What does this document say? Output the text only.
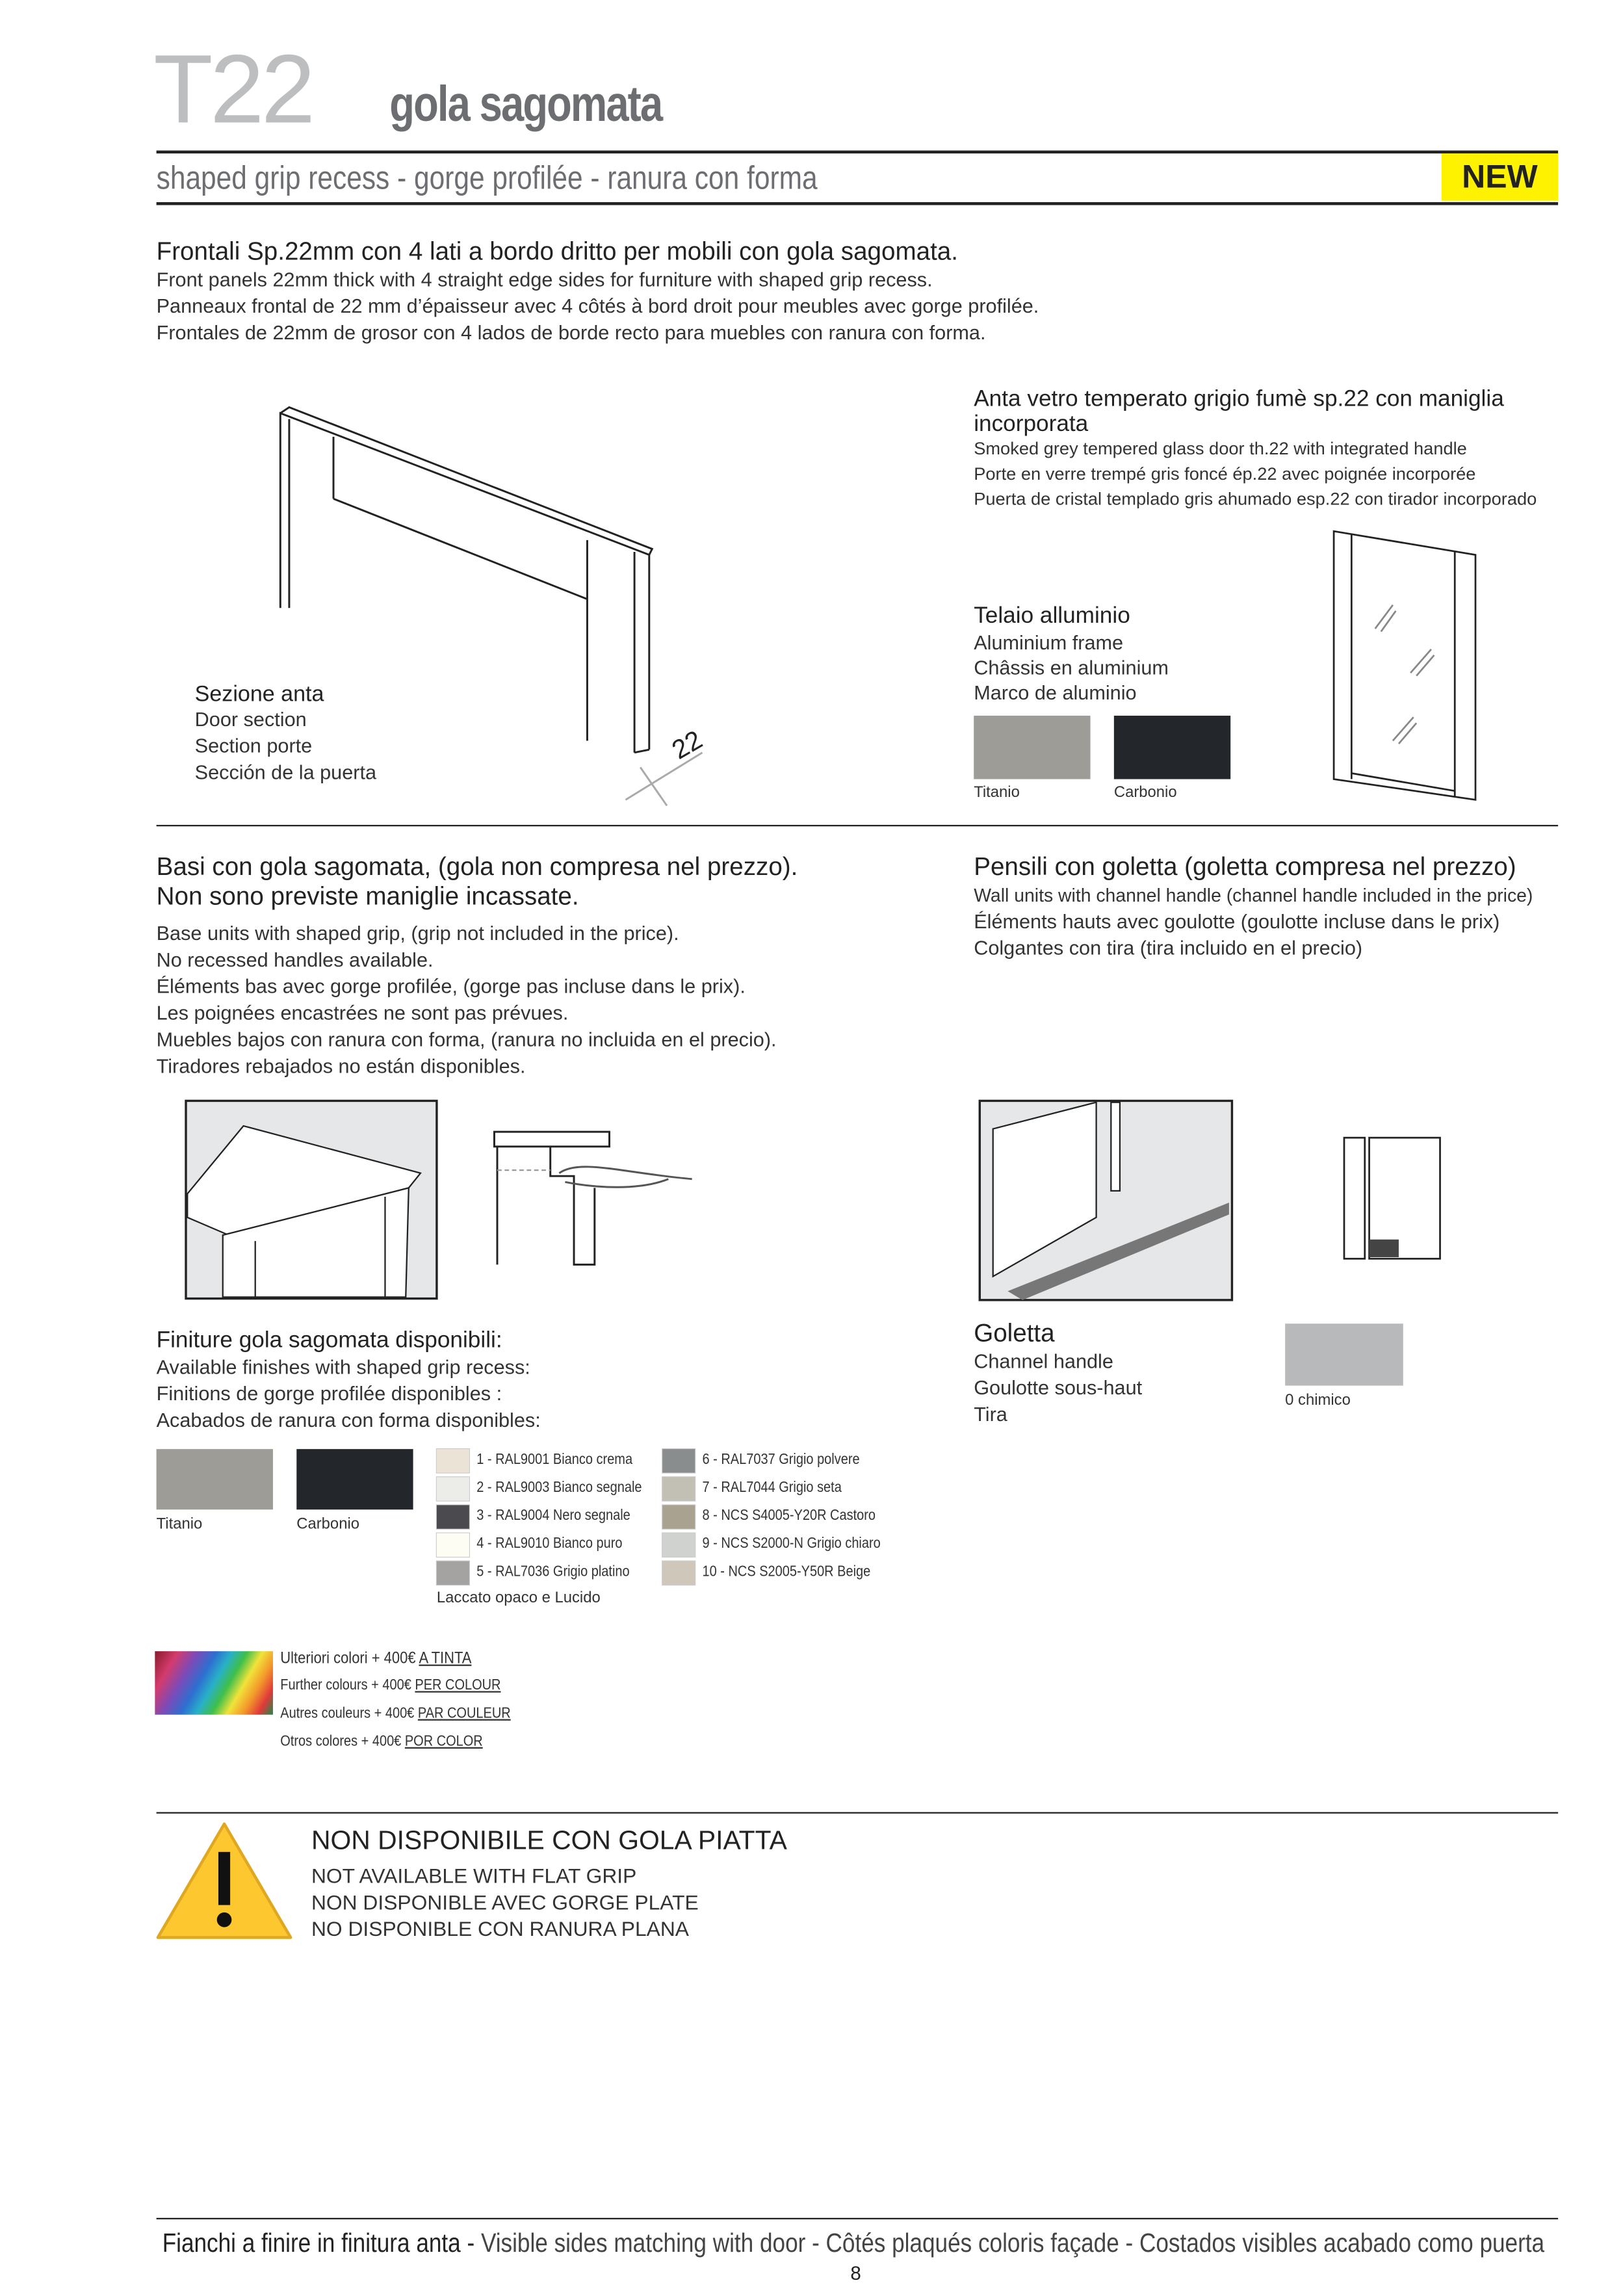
T22	gola sagomata
shaped grip recess - gorge profilée - ranura con forma	NEW
Frontali Sp.22mm con 4 lati a bordo dritto per mobili con gola sagomata.
Front panels 22mm thick with 4 straight edge sides for furniture with shaped grip recess.
Panneaux frontal de 22 mm d’épaisseur avec 4 côtés à bord droit pour meubles avec gorge profilée.
Frontales de 22mm de grosor con 4 lados de borde recto para muebles con ranura con forma.
22
Sezione anta
Door section
Section porte
Sección de la puerta
Anta vetro temperato grigio fumè sp.22 con maniglia incorporata
Smoked grey tempered glass door th.22 with integrated handle
Porte en verre trempé gris foncé ép.22 avec poignée incorporée
Puerta de cristal templado gris ahumado esp.22 con tirador incorporado
Telaio alluminio
Aluminium frame
Châssis en aluminium
Marco de aluminio
Titanio	Carbonio
Basi con gola sagomata, (gola non compresa nel prezzo).
Non sono previste maniglie incassate.
Base units with shaped grip, (grip not included in the price).
No recessed handles available.
Éléments bas avec gorge profilée, (gorge pas incluse dans le prix).
Les poignées encastrées ne sont pas prévues.
Muebles bajos con ranura con forma, (ranura no incluida en el precio).
Tiradores rebajados no están disponibles.
Pensili con goletta (goletta compresa nel prezzo)
Wall units with channel handle (channel handle included in the price)
Éléments hauts avec goulotte (goulotte incluse dans le prix)
Colgantes con tira (tira incluido en el precio)
Finiture gola sagomata disponibili:
Available finishes with shaped grip recess:
Finitions de gorge profilée disponibles :
Acabados de ranura con forma disponibles:
Titanio	Carbonio
1 - RAL9001 Bianco crema
2 - RAL9003 Bianco segnale
3 - RAL9004 Nero segnale
4 - RAL9010 Bianco puro
5 - RAL7036 Grigio platino
6 - RAL7037 Grigio polvere
7 - RAL7044 Grigio seta
8 - NCS S4005-Y20R Castoro
9 - NCS S2000-N Grigio chiaro
10 - NCS S2005-Y50R Beige
Laccato opaco e Lucido
Ulteriori colori + 400€ A TINTA
Further colours + 400€ PER COLOUR
Autres couleurs + 400€ PAR COULEUR
Otros colores + 400€ POR COLOR
Goletta
Channel handle
Goulotte sous-haut
Tira
0 chimico
NON DISPONIBILE CON GOLA PIATTA
NOT AVAILABLE WITH FLAT GRIP
NON DISPONIBLE AVEC GORGE PLATE
NO DISPONIBLE CON RANURA PLANA
Fianchi a finire in finitura anta - Visible sides matching with door - Côtés plaqués coloris façade - Costados visibles acabado como puerta
8
